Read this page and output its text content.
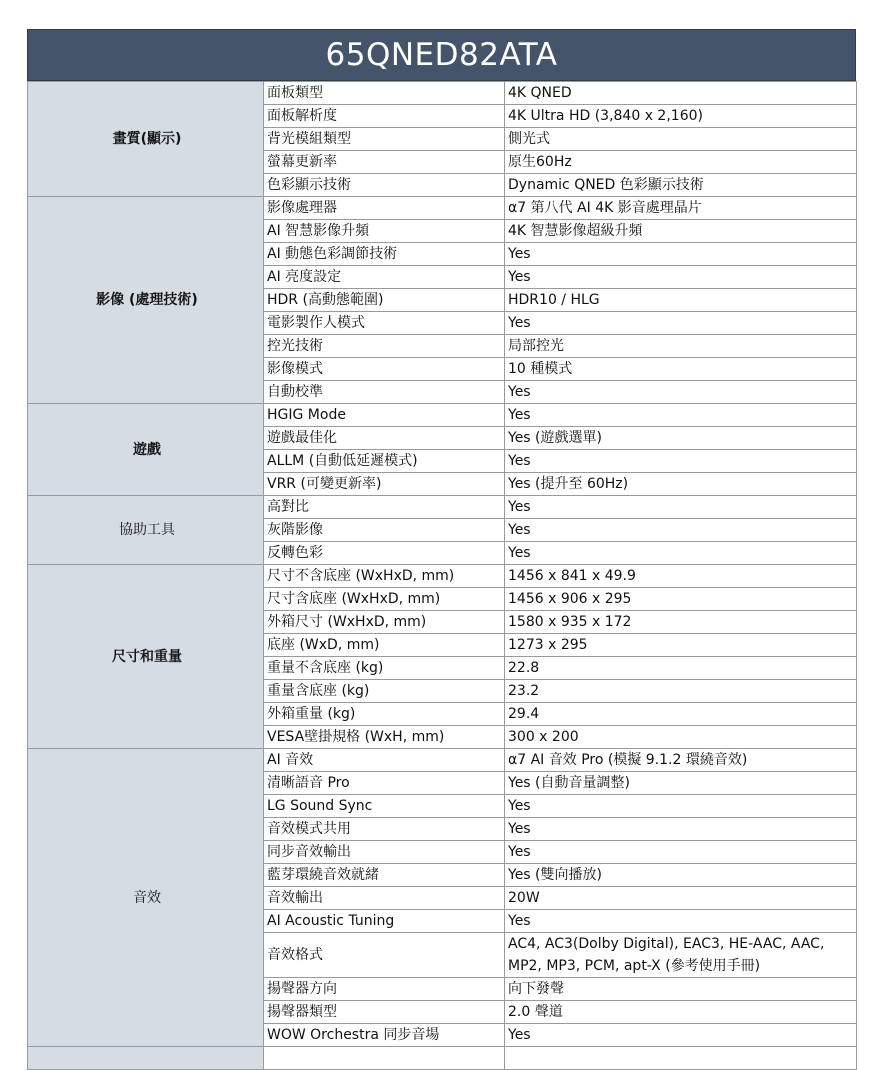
65QNED82ATA
畫質(顯示)	面板類型	4K QNED
	面板解析度	4K Ultra HD (3,840 x 2,160)
	背光模組類型	側光式
	螢幕更新率	原生60Hz
	色彩顯示技術	Dynamic QNED 色彩顯示技術
影像 (處理技術)	影像處理器	α7 第八代 AI 4K 影音處理晶片
	AI 智慧影像升頻	4K 智慧影像超級升頻
	AI 動態色彩調節技術	Yes
	AI 亮度設定	Yes
	HDR (高動態範圍)	HDR10 / HLG
	電影製作人模式	Yes
	控光技術	局部控光
	影像模式	10 種模式
	自動校準	Yes
遊戲	HGIG Mode	Yes
	遊戲最佳化	Yes (遊戲選單)
	ALLM (自動低延遲模式)	Yes
	VRR (可變更新率)	Yes (提升至 60Hz)
協助工具	高對比	Yes
	灰階影像	Yes
	反轉色彩	Yes
尺寸和重量	尺寸不含底座 (WxHxD, mm)	1456 x 841 x 49.9
	尺寸含底座 (WxHxD, mm)	1456 x 906 x 295
	外箱尺寸 (WxHxD, mm)	1580 x 935 x 172
	底座 (WxD, mm)	1273 x 295
	重量不含底座 (kg)	22.8
	重量含底座 (kg)	23.2
	外箱重量 (kg)	29.4
	VESA壁掛規格 (WxH, mm)	300 x 200
音效	AI 音效	α7 AI 音效 Pro (模擬 9.1.2 環繞音效)
	清晰語音 Pro	Yes (自動音量調整)
	LG Sound Sync	Yes
	音效模式共用	Yes
	同步音效輸出	Yes
	藍芽環繞音效就緒	Yes (雙向播放)
	音效輸出	20W
	AI Acoustic Tuning	Yes
	音效格式	AC4, AC3(Dolby Digital), EAC3, HE-AAC, AAC, MP2, MP3, PCM, apt-X (參考使用手冊)
	揚聲器方向	向下發聲
	揚聲器類型	2.0 聲道
	WOW Orchestra 同步音場	Yes
